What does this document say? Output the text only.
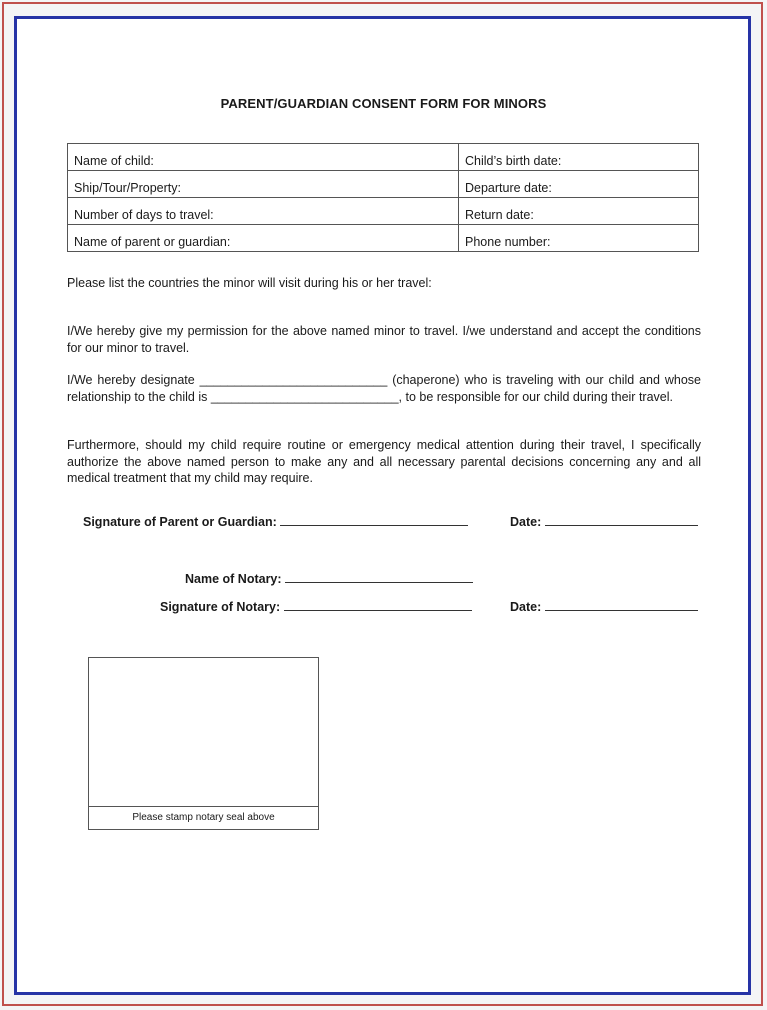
PARENT/GUARDIAN CONSENT FORM FOR MINORS
Name of child:	Child’s birth date:
Ship/Tour/Property:	Departure date:
Number of days to travel:	Return date:
Name of parent or guardian:	Phone number:
Please list the countries the minor will visit during his or her travel:
I/We hereby give my permission for the above named minor to travel. I/we understand and accept the conditions for our minor to travel.
I/We hereby designate ___________________________ (chaperone) who is traveling with our child and whose relationship to the child is ___________________________, to be responsible for our child during their travel.
Furthermore, should my child require routine or emergency medical attention during their travel, I specifically authorize the above named person to make any and all necessary parental decisions concerning any and all medical treatment that my child may require.
Signature of Parent or Guardian:	Date:
Name of Notary:
Signature of Notary:	Date:
Please stamp notary seal above
